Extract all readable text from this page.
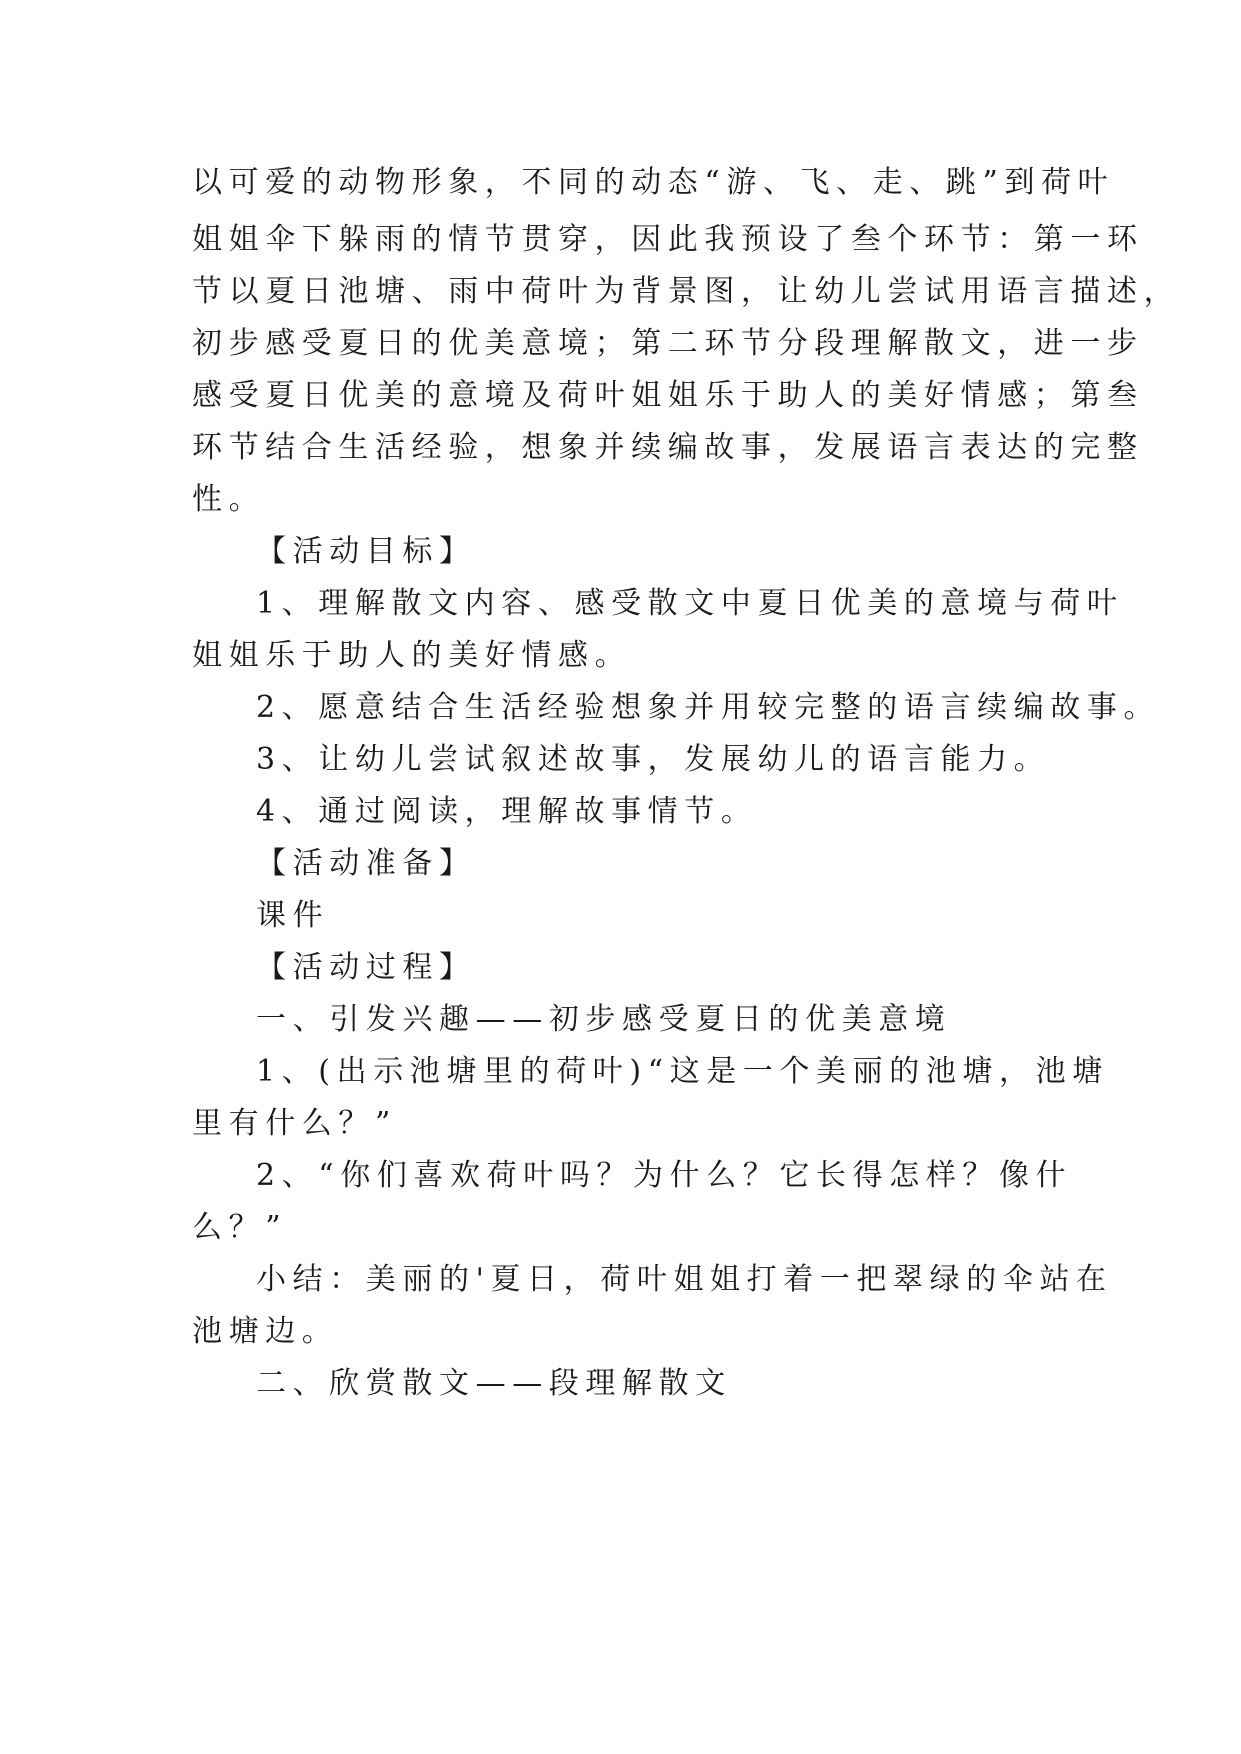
以可爱的动物形象，不同的动态“游、飞、走、跳”到荷叶
姐姐伞下躲雨的情节贯穿，因此我预设了叁个环节：第一环
节以夏日池塘、雨中荷叶为背景图，让幼儿尝试用语言描述，
初步感受夏日的优美意境；第二环节分段理解散文，进一步
感受夏日优美的意境及荷叶姐姐乐于助人的美好情感；第叁
环节结合生活经验，想象并续编故事，发展语言表达的完整
性。
【活动目标】
1、理解散文内容、感受散文中夏日优美的意境与荷叶
姐姐乐于助人的美好情感。
2、愿意结合生活经验想象并用较完整的语言续编故事。
3、让幼儿尝试叙述故事，发展幼儿的语言能力。
4、通过阅读，理解故事情节。
【活动准备】
课件
【活动过程】
一、引发兴趣——初步感受夏日的优美意境
1、(出示池塘里的荷叶)“这是一个美丽的池塘，池塘
里有什么？”
2、“你们喜欢荷叶吗？为什么？它长得怎样？像什
么？”
小结：美丽的'夏日，荷叶姐姐打着一把翠绿的伞站在
池塘边。
二、欣赏散文——段理解散文
